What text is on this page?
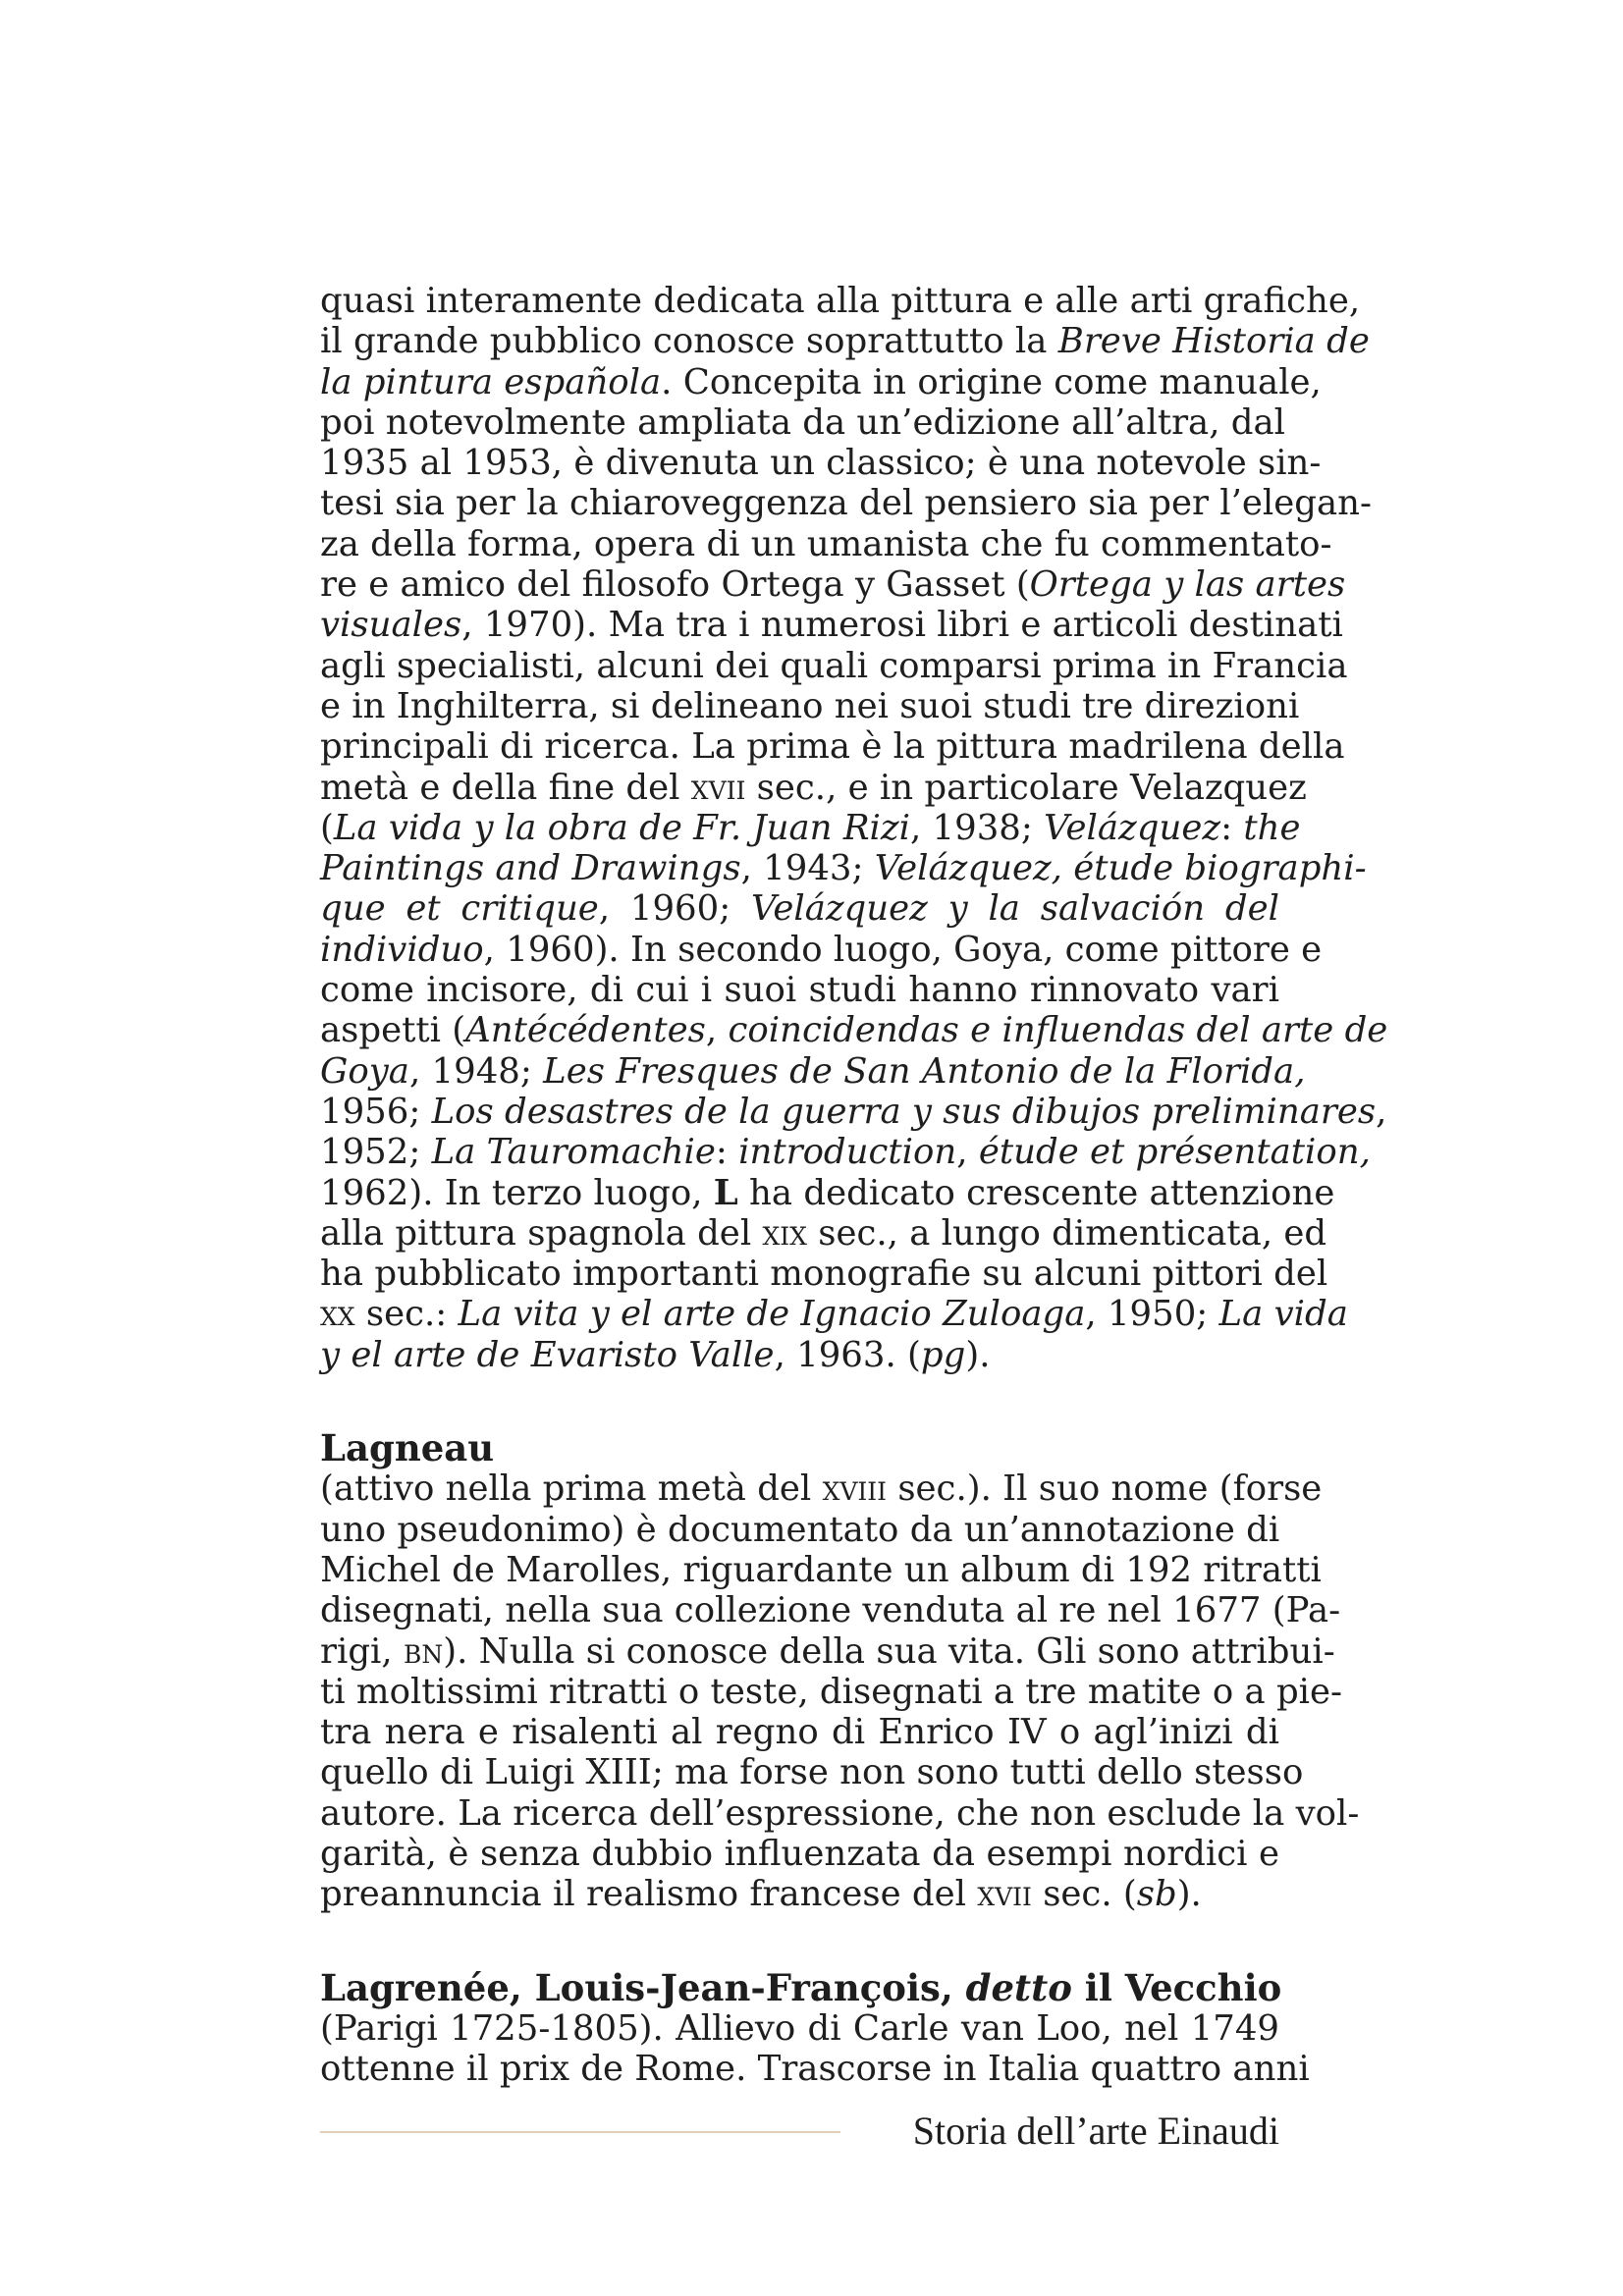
quasi interamente dedicata alla pittura e alle arti grafiche,
il grande pubblico conosce soprattutto la Breve Historia de
la pintura española. Concepita in origine come manuale,
poi notevolmente ampliata da un’edizione all’altra, dal
1935 al 1953, è divenuta un classico; è una notevole sin-
tesi sia per la chiaroveggenza del pensiero sia per l’elegan-
za della forma, opera di un umanista che fu commentato-
re e amico del filosofo Ortega y Gasset (Ortega y las artes
visuales, 1970). Ma tra i numerosi libri e articoli destinati
agli specialisti, alcuni dei quali comparsi prima in Francia
e in Inghilterra, si delineano nei suoi studi tre direzioni
principali di ricerca. La prima è la pittura madrilena della
metà e della fine del xvii sec., e in particolare Velazquez
(La vida y la obra de Fr. Juan Rizi, 1938; Velázquez: the
Paintings and Drawings, 1943; Velázquez, étude biographi-
que et critique, 1960; Velázquez y la salvación del
individuo, 1960). In secondo luogo, Goya, come pittore e
come incisore, di cui i suoi studi hanno rinnovato vari
aspetti (Antécédentes, coincidendas e influendas del arte de
Goya, 1948; Les Fresques de San Antonio de la Florida,
1956; Los desastres de la guerra y sus dibujos preliminares,
1952; La Tauromachie: introduction, étude et présentation,
1962). In terzo luogo, L ha dedicato crescente attenzione
alla pittura spagnola del xix sec., a lungo dimenticata, ed
ha pubblicato importanti monografie su alcuni pittori del
xx sec.: La vita y el arte de Ignacio Zuloaga, 1950; La vida
y el arte de Evaristo Valle, 1963. (pg).
Lagneau
(attivo nella prima metà del xviii sec.). Il suo nome (forse
uno pseudonimo) è documentato da un’annotazione di
Michel de Marolles, riguardante un album di 192 ritratti
disegnati, nella sua collezione venduta al re nel 1677 (Pa-
rigi, bn). Nulla si conosce della sua vita. Gli sono attribui-
ti moltissimi ritratti o teste, disegnati a tre matite o a pie-
tra nera e risalenti al regno di Enrico IV o agl’inizi di
quello di Luigi XIII; ma forse non sono tutti dello stesso
autore. La ricerca dell’espressione, che non esclude la vol-
garità, è senza dubbio influenzata da esempi nordici e
preannuncia il realismo francese del xvii sec. (sb).
Lagrenée, Louis-Jean-François, detto il Vecchio
(Parigi 1725-1805). Allievo di Carle van Loo, nel 1749
ottenne il prix de Rome. Trascorse in Italia quattro anni
Storia dell’arte Einaudi
